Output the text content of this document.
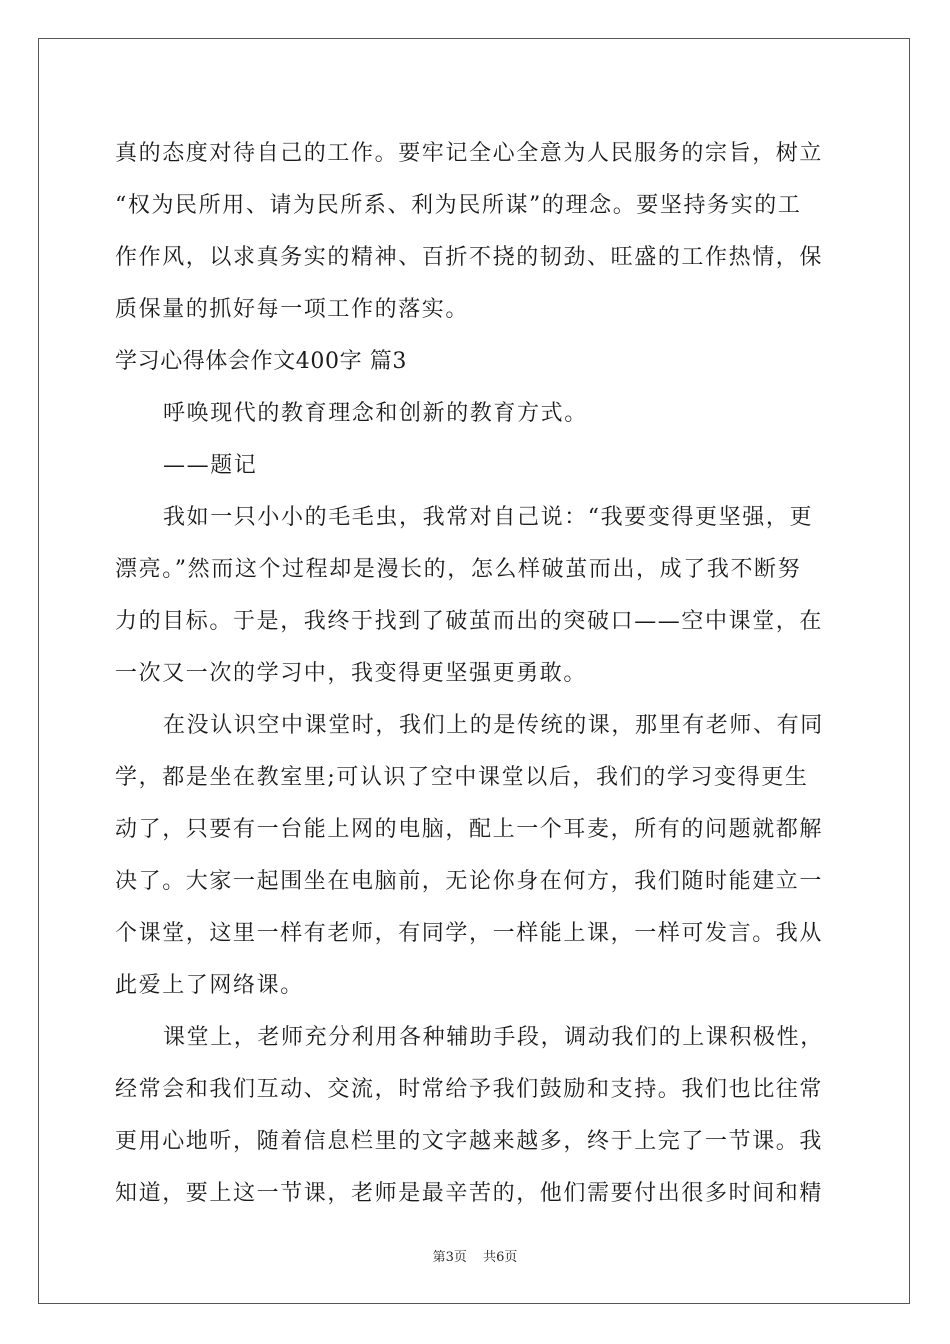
真的态度对待自己的工作。要牢记全心全意为人民服务的宗旨，树立
“权为民所用、请为民所系、利为民所谋”的理念。要坚持务实的工
作作风，以求真务实的精神、百折不挠的韧劲、旺盛的工作热情，保
质保量的抓好每一项工作的落实。
学习心得体会作文400字 篇3
呼唤现代的教育理念和创新的教育方式。
——题记
我如一只小小的毛毛虫，我常对自己说：“我要变得更坚强，更
漂亮。”然而这个过程却是漫长的，怎么样破茧而出，成了我不断努
力的目标。于是，我终于找到了破茧而出的突破口——空中课堂，在
一次又一次的学习中，我变得更坚强更勇敢。
在没认识空中课堂时，我们上的是传统的课，那里有老师、有同
学，都是坐在教室里;可认识了空中课堂以后，我们的学习变得更生
动了，只要有一台能上网的电脑，配上一个耳麦，所有的问题就都解
决了。大家一起围坐在电脑前，无论你身在何方，我们随时能建立一
个课堂，这里一样有老师，有同学，一样能上课，一样可发言。我从
此爱上了网络课。
课堂上，老师充分利用各种辅助手段，调动我们的上课积极性，
经常会和我们互动、交流，时常给予我们鼓励和支持。我们也比往常
更用心地听，随着信息栏里的文字越来越多，终于上完了一节课。我
知道，要上这一节课，老师是最辛苦的，他们需要付出很多时间和精
第3页 共6页
